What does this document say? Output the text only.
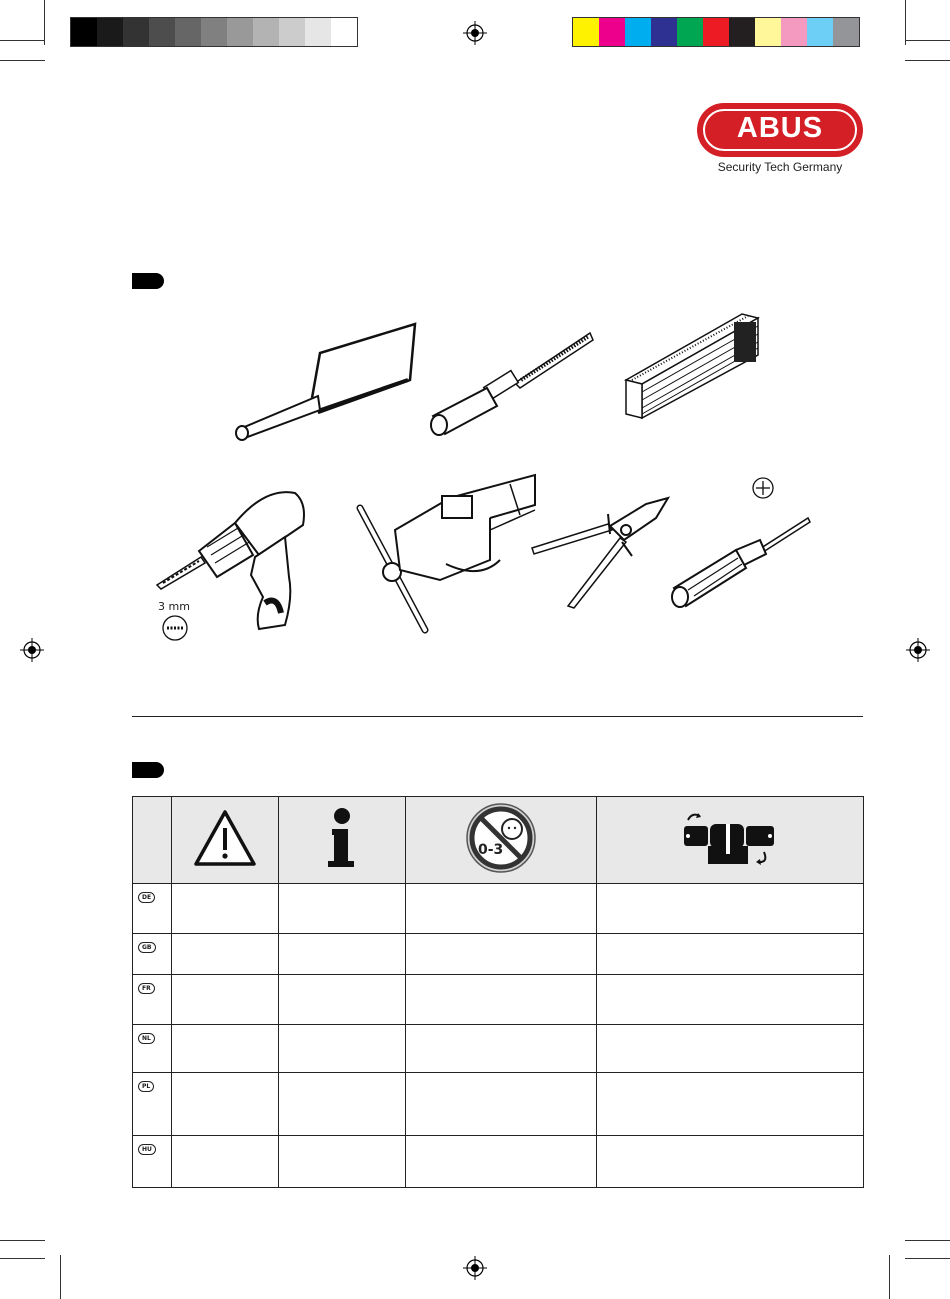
ABUS
Security Tech Germany
3 mm

0-3

DE				
GB				
FR				
NL				
PL				
HU				
